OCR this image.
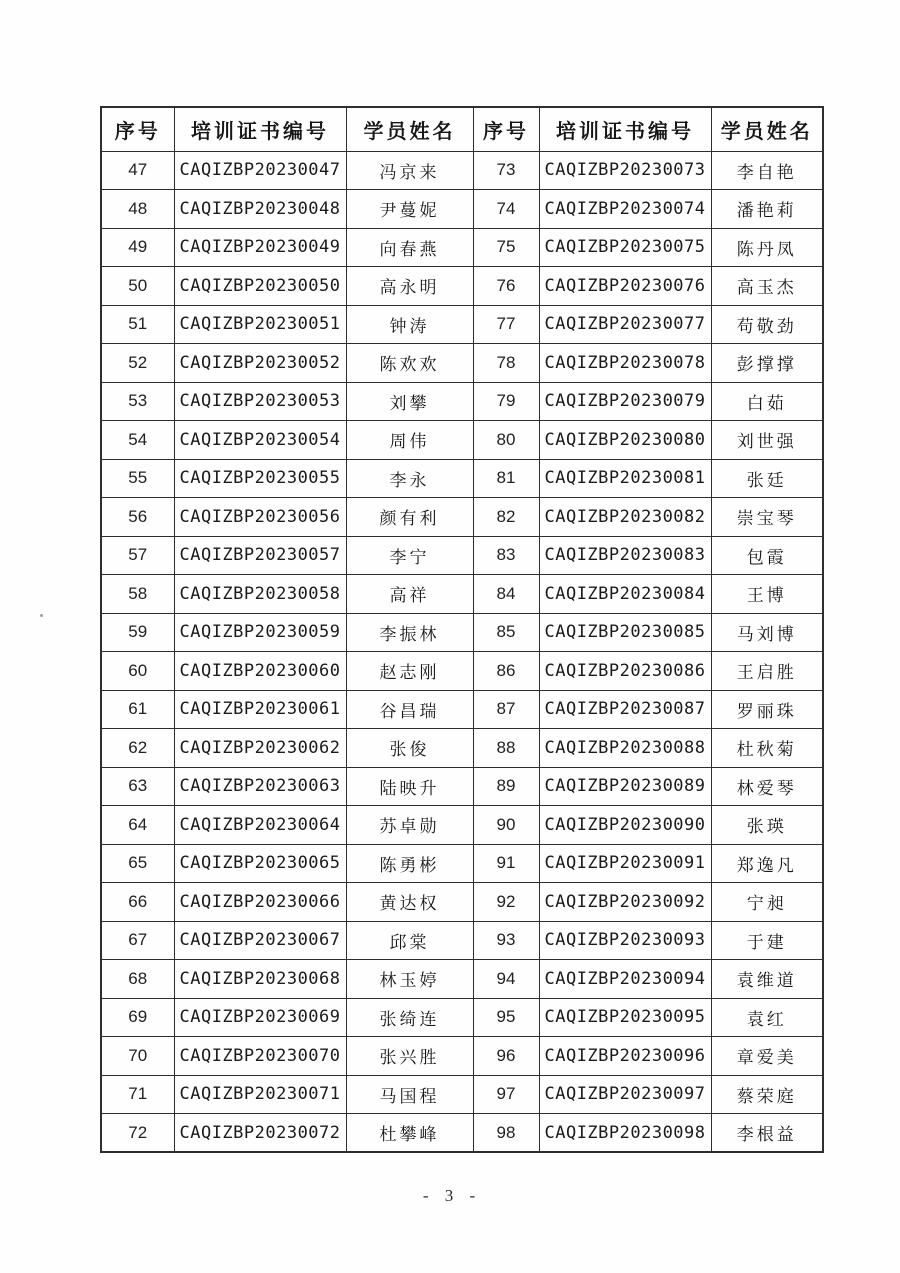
序号	培训证书编号	学员姓名	序号	培训证书编号	学员姓名
47	CAQIZBP20230047	冯京来	73	CAQIZBP20230073	李自艳
48	CAQIZBP20230048	尹蔓妮	74	CAQIZBP20230074	潘艳莉
49	CAQIZBP20230049	向春燕	75	CAQIZBP20230075	陈丹凤
50	CAQIZBP20230050	高永明	76	CAQIZBP20230076	高玉杰
51	CAQIZBP20230051	钟涛	77	CAQIZBP20230077	苟敬劲
52	CAQIZBP20230052	陈欢欢	78	CAQIZBP20230078	彭撑撑
53	CAQIZBP20230053	刘攀	79	CAQIZBP20230079	白茹
54	CAQIZBP20230054	周伟	80	CAQIZBP20230080	刘世强
55	CAQIZBP20230055	李永	81	CAQIZBP20230081	张廷
56	CAQIZBP20230056	颜有利	82	CAQIZBP20230082	崇宝琴
57	CAQIZBP20230057	李宁	83	CAQIZBP20230083	包霞
58	CAQIZBP20230058	高祥	84	CAQIZBP20230084	王博
59	CAQIZBP20230059	李振林	85	CAQIZBP20230085	马刘博
60	CAQIZBP20230060	赵志刚	86	CAQIZBP20230086	王启胜
61	CAQIZBP20230061	谷昌瑞	87	CAQIZBP20230087	罗丽珠
62	CAQIZBP20230062	张俊	88	CAQIZBP20230088	杜秋菊
63	CAQIZBP20230063	陆映升	89	CAQIZBP20230089	林爱琴
64	CAQIZBP20230064	苏卓勋	90	CAQIZBP20230090	张瑛
65	CAQIZBP20230065	陈勇彬	91	CAQIZBP20230091	郑逸凡
66	CAQIZBP20230066	黄达权	92	CAQIZBP20230092	宁昶
67	CAQIZBP20230067	邱棠	93	CAQIZBP20230093	于建
68	CAQIZBP20230068	林玉婷	94	CAQIZBP20230094	袁维道
69	CAQIZBP20230069	张绮连	95	CAQIZBP20230095	袁红
70	CAQIZBP20230070	张兴胜	96	CAQIZBP20230096	章爱美
71	CAQIZBP20230071	马国程	97	CAQIZBP20230097	蔡荣庭
72	CAQIZBP20230072	杜攀峰	98	CAQIZBP20230098	李根益
- 3 -
